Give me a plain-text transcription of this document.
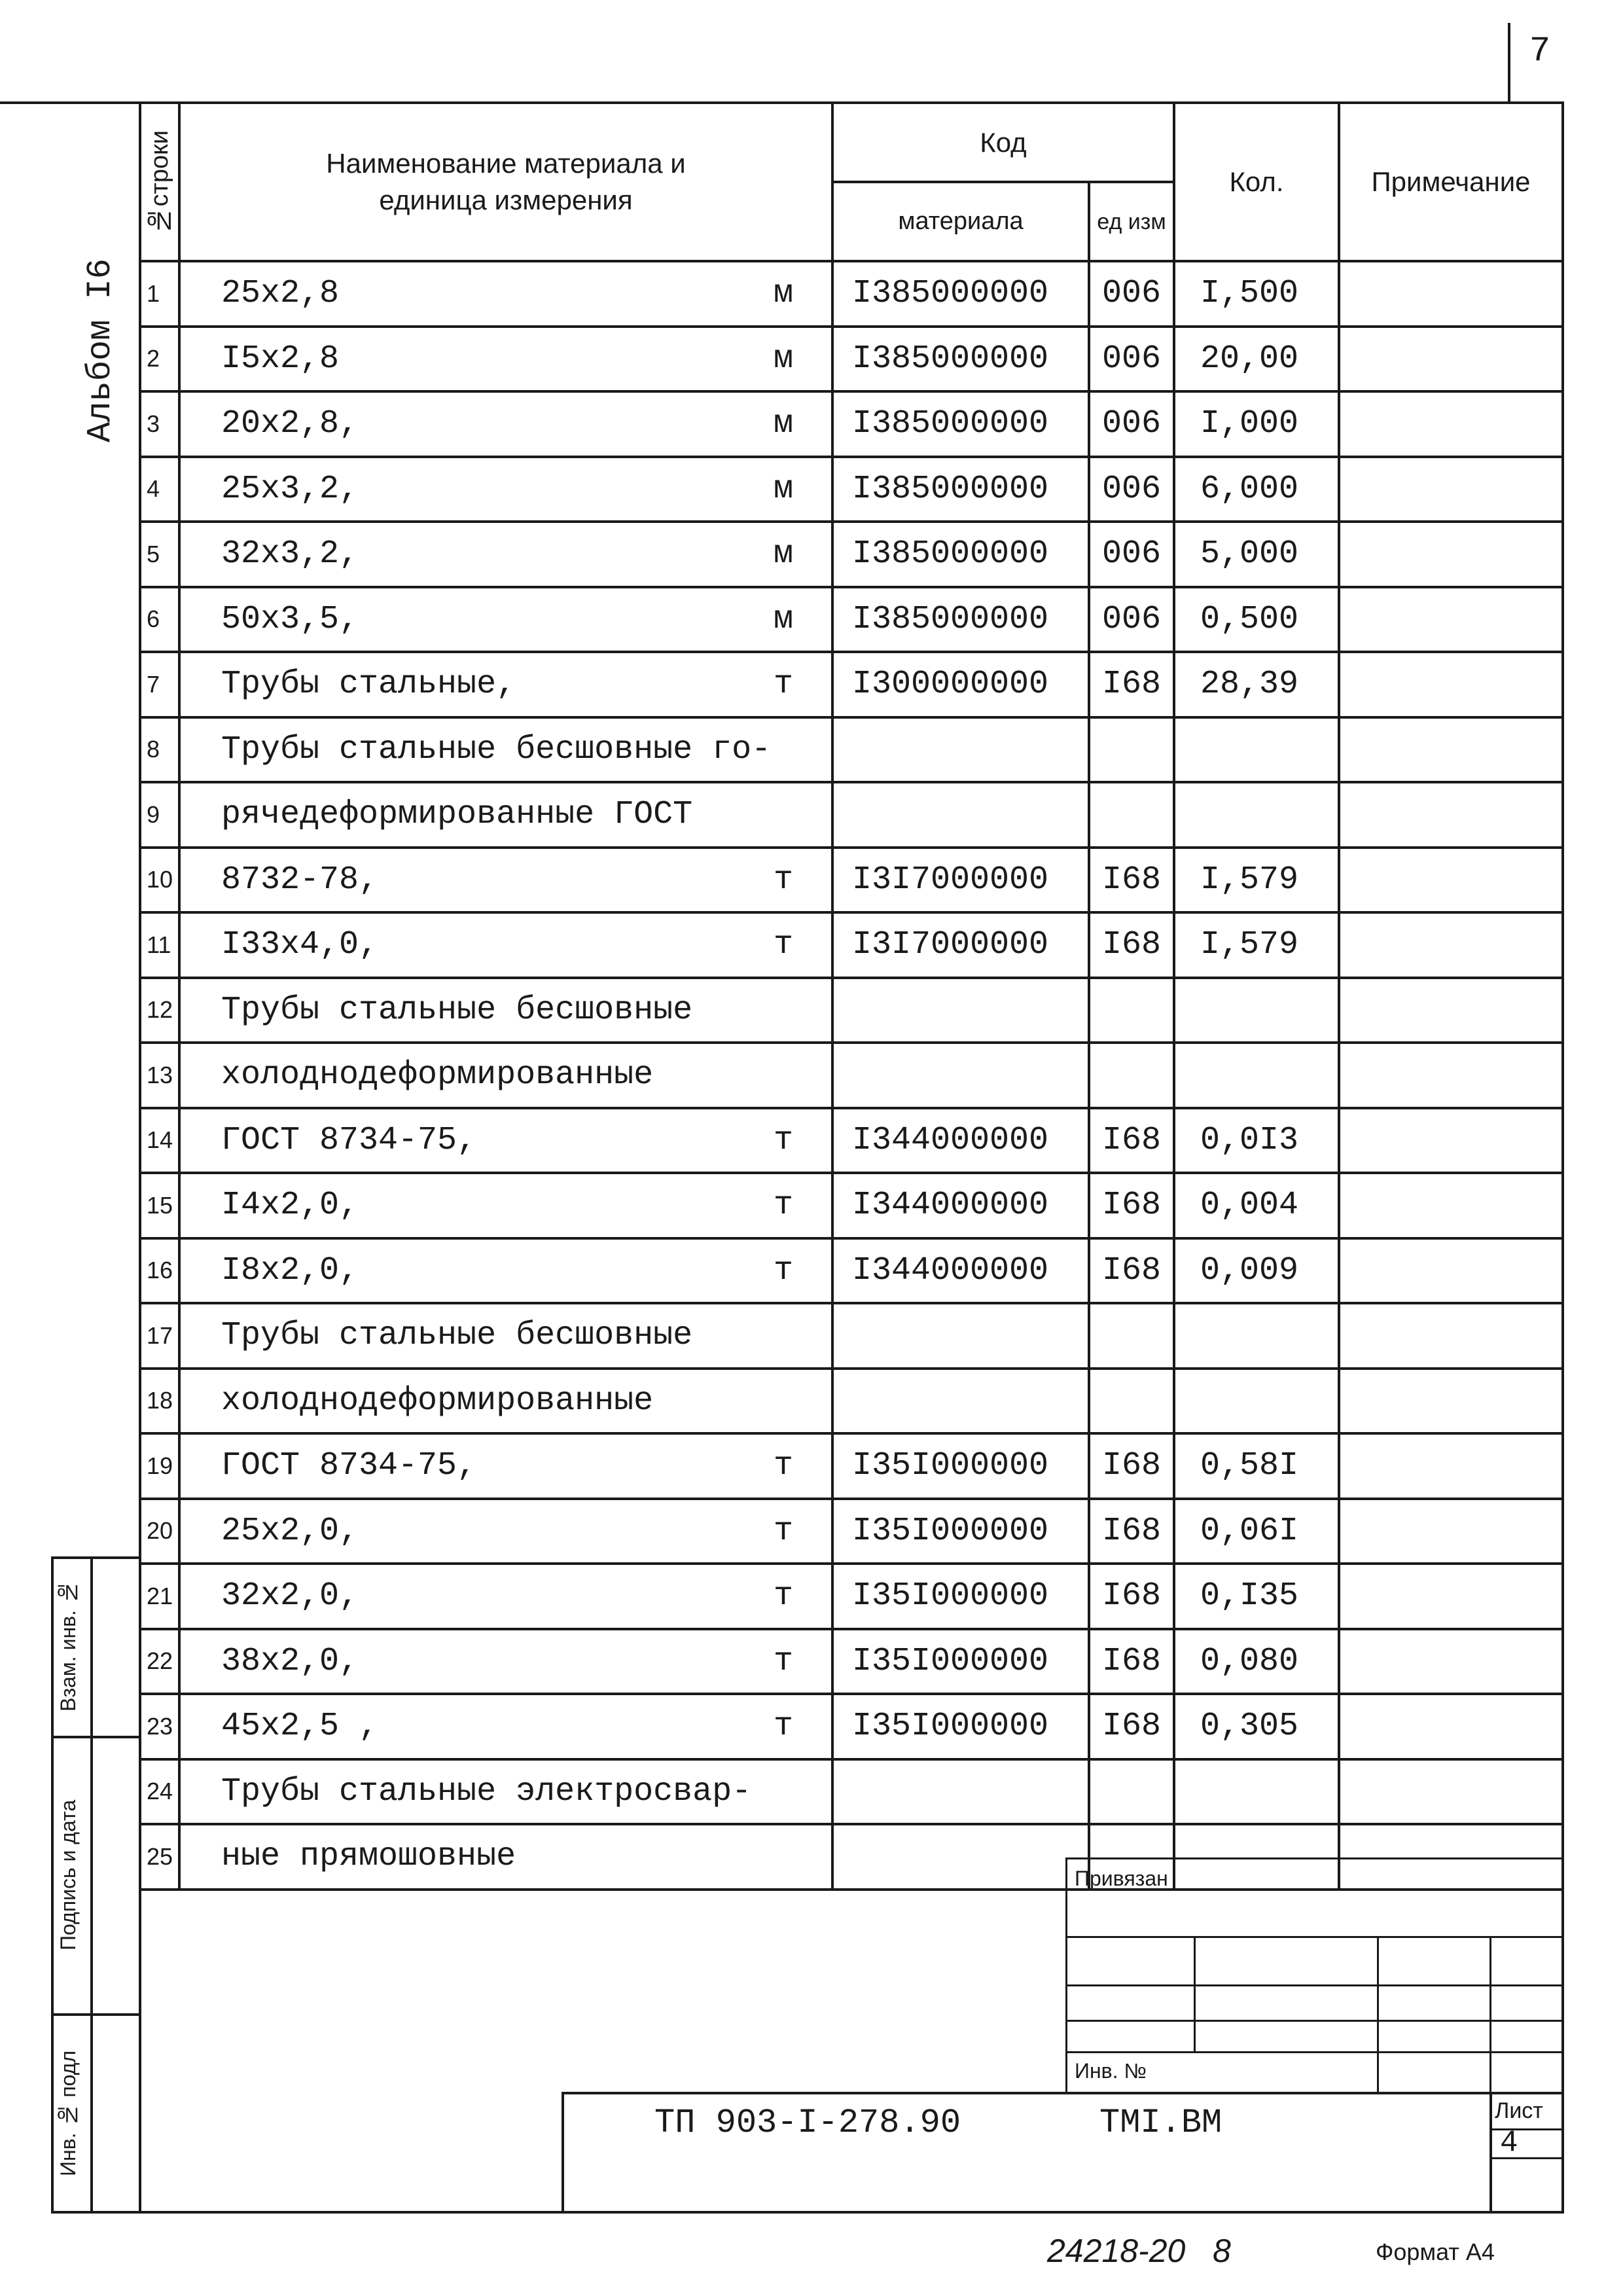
7
Альбом I6
№строки	Наименование материала и единица измерения	Код		Кол.	Примечание
		материала	ед изм		
1	25x2,8 м	I385000000	006	I,500	
2	I5x2,8 м	I385000000	006	20,00	
3	20x2,8, м	I385000000	006	I,000	
4	25x3,2, м	I385000000	006	6,000	
5	32x3,2, м	I385000000	006	5,000	
6	50x3,5, м	I385000000	006	0,500	
7	Трубы стальные, т	I300000000	I68	28,39	
8	Трубы стальные бесшовные го-

9	рячедеформированные ГОСТ

10	8732-78, т	I3I7000000	I68	I,579	
11	I33x4,0, т	I3I7000000	I68	I,579	
12	Трубы стальные бесшовные

13	холоднодеформированные

14	ГОСТ 8734-75, т	I344000000	I68	0,0I3	
15	I4x2,0, т	I344000000	I68	0,004	
16	I8x2,0, т	I344000000	I68	0,009	
17	Трубы стальные бесшовные

18	холоднодеформированные

19	ГОСТ 8734-75, т	I35I000000	I68	0,58I	
20	25x2,0, т	I35I000000	I68	0,06I	
21	32x2,0, т	I35I000000	I68	0,I35	
22	38x2,0, т	I35I000000	I68	0,080	
23	45x2,5 , т	I35I000000	I68	0,305	
24	Трубы стальные электросвар-

25	ные прямошовные

Взам. инв. №
Подпись и дата
Инв. № подл
Привязан
Инв. №
ТП 903-I-278.90	ТМI.ВМ	Лист
4
24218-20   8	Формат А4
